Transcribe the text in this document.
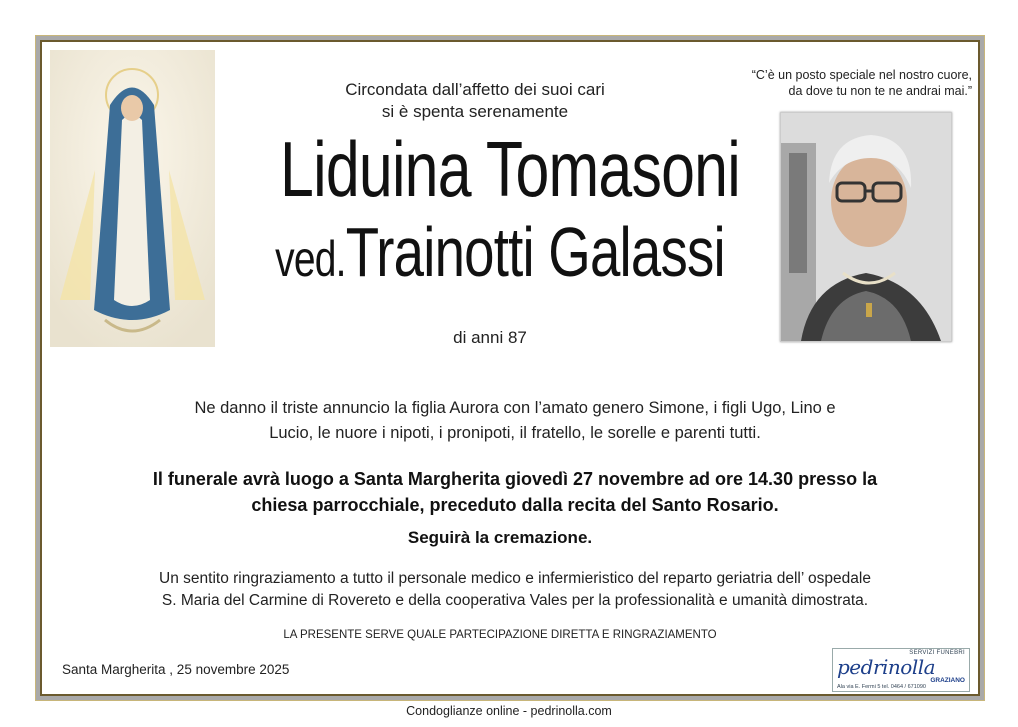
Circondata dall’affetto dei suoi cari
si è spenta serenamente
“C’è un posto speciale nel nostro cuore,
da dove tu non te ne andrai mai.”
Liduina Tomasoni
ved.Trainotti Galassi
di anni 87
Ne danno il triste annuncio la figlia Aurora con l’amato genero Simone, i figli Ugo, Lino e
Lucio, le nuore i nipoti, i pronipoti, il fratello, le sorelle e parenti tutti.
Il funerale avrà luogo a Santa Margherita giovedì 27 novembre ad ore 14.30 presso la
chiesa parrocchiale, preceduto dalla recita del Santo Rosario.
Seguirà la cremazione.
Un sentito ringraziamento a tutto il personale medico e infermieristico del reparto geriatria dell’ ospedale
S. Maria del Carmine di Rovereto e della cooperativa Vales per la professionalità e umanità dimostrata.
LA PRESENTE SERVE QUALE PARTECIPAZIONE DIRETTA E RINGRAZIAMENTO
Santa Margherita , 25 novembre 2025
SERVIZI FUNEBRI
pedrinolla
GRAZIANO
Ala via E. Fermi 5 tel. 0464 / 671090
Condoglianze online - pedrinolla.com
